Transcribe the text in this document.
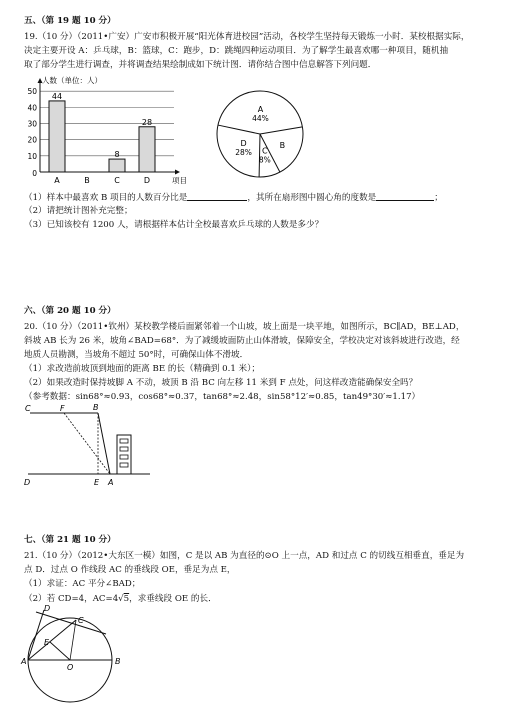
五、（第 19 题 10 分）
19.（10 分）（2011•广安）广安市积极开展“阳光体育进校园”活动，各校学生坚持每天锻炼一小时．某校根据实际，
决定主要开设 A：乒乓球，B：篮球，C：跑步，D：跳绳四种运动项目．为了解学生最喜欢哪一种项目，随机抽
取了部分学生进行调查，并将调查结果绘制成如下统计图．请你结合图中信息解答下列问题．
10
20
30
40
50
0
人数（单位：人）
项目
44
A	B
8
C
28
D
A
44%
B
C
8%
D
28%
（1）样本中最喜欢 B 项目的人数百分比是	，其所在扇形图中圆心角的度数是	；
（2）请把统计图补充完整；
（3）已知该校有 1200 人，请根据样本估计全校最喜欢乒乓球的人数是多少？
六、（第 20 题 10 分）
20.（10 分）（2011•钦州）某校教学楼后面紧邻着一个山坡，坡上面是一块平地，如图所示，BC∥AD，BE⊥AD，
斜坡 AB 长为 26 米，坡角∠BAD=68°．为了减缓坡面防止山体滑坡，保障安全，学校决定对该斜坡进行改造，经
地质人员勘测，当坡角不超过 50°时，可确保山体不滑坡．
（1）求改造前坡顶到地面的距离 BE 的长（精确到 0.1 米）；
（2）如果改造时保持坡脚 A 不动，坡顶 B 沿 BC 向左移 11 米到 F 点处，问这样改造能确保安全吗？
（参考数据：sin68°≈0.93，cos68°≈0.37，tan68°≈2.48，sin58°12′≈0.85，tan49°30′≈1.17）
C	F	B
D	E A
七、（第 21 题 10 分）
21.（10 分）（2012•大东区一模）如图，C 是以 AB 为直径的⊙O 上一点，AD 和过点 C 的切线互相垂直，垂足为
点 D．过点 O 作线段 AC 的垂线段 OE，垂足为点 E，
（1）求证：AC 平分∠BAD；
（2）若 CD=4，AC=4√5，求垂线段 OE 的长．
D
C
E
A
O
B
